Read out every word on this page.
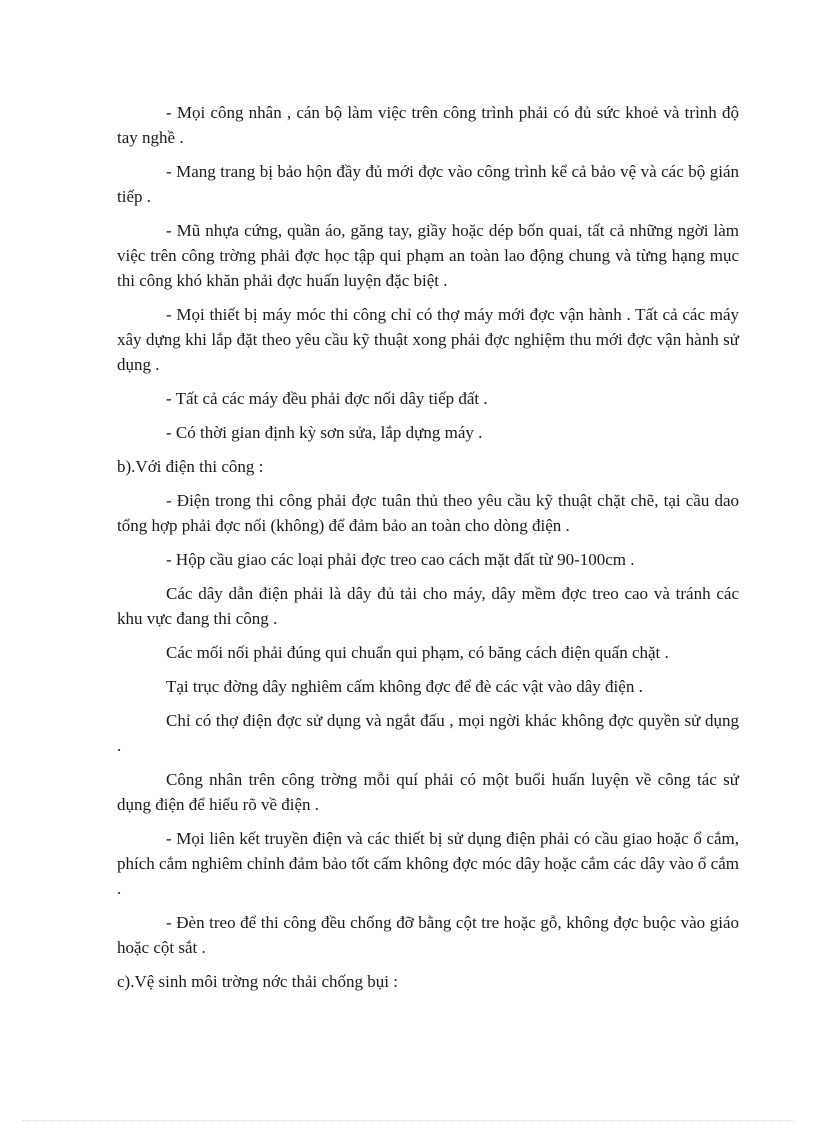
- Mọi công nhân , cán bộ làm việc trên công trình phải có đủ sức khoẻ và trình độ tay nghề .

- Mang trang bị bảo hộn đầy đủ mới đợc vào công trình kể cả bảo vệ và các bộ gián tiếp .

- Mũ nhựa cứng, quần áo, găng tay, giầy hoặc dép bốn quai, tất cả những ngời làm việc trên công trờng phải đợc học tập qui phạm an toàn lao động chung và từng hạng mục thi công khó khăn phải đợc huấn luyện đặc biệt .

- Mọi thiết bị máy móc thi công chỉ có thợ máy mới đợc vận hành . Tất cả các máy xây dựng khi lắp đặt theo yêu cầu kỹ thuật xong phải đợc nghiệm thu mới đợc vận hành sử dụng .

- Tất cả các máy đều phải đợc nối dây tiếp đất .

- Có thời gian định kỳ sơn sửa, lắp dựng máy .

b).Với điện thi công :

- Điện trong thi công phải đợc tuân thủ theo yêu cầu kỹ thuật chặt chẽ, tại cầu dao tổng hợp phải đợc nối (không) để đảm bảo an toàn cho dòng điện .

- Hộp cầu giao các loại phải đợc treo cao cách mặt đất từ 90-100cm .

Các dây dẫn điện phải là dây đủ tải cho máy, dây mềm đợc treo cao và tránh các khu vực đang thi công .

Các mối nối phải đúng qui chuẩn qui phạm, có băng cách điện quấn chặt .

Tại trục đờng dây nghiêm cấm không đợc để đè các vật vào dây điện .

Chỉ có thợ điện đợc sử dụng và ngắt đấu , mọi ngời khác không đợc quyền sử dụng .

Công nhân trên công trờng mỗi quí phải có một buổi huấn luyện về công tác sử dụng điện để hiểu rõ về điện .

- Mọi liên kết truyền điện và các thiết bị sử dụng điện phải có cầu giao hoặc ổ cắm, phích cắm nghiêm chỉnh đảm bảo tốt cấm không đợc móc dây hoặc cắm các dây vào ổ cắm .

- Đèn treo để thi công đều chống đỡ bằng cột tre hoặc gỗ, không đợc buộc vào giáo hoặc cột sắt .

c).Vệ sinh môi trờng nớc thải chống bụi :
